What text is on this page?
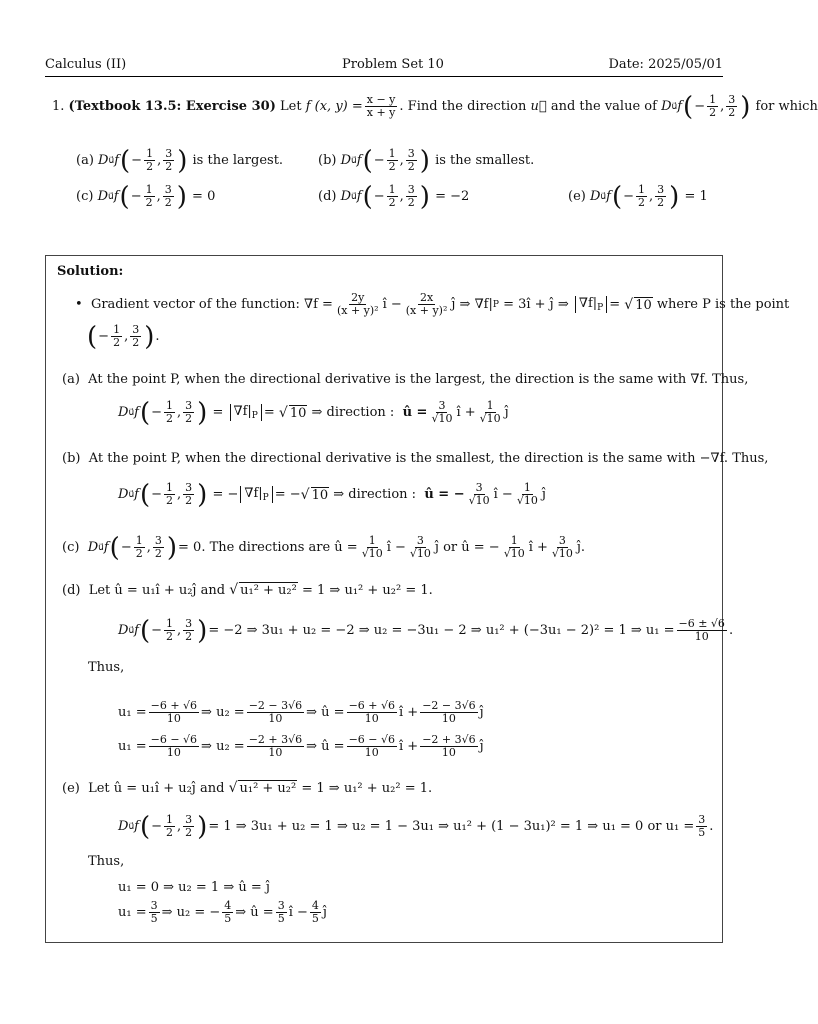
Calculus (II)	Problem Set 10	Date: 2025/05/01
1.
(Textbook 13.5: Exercise 30)
Let
f (x, $y) = \frac{x - y}{x + y}$ . Find the direction
u⃗
and the value of
D u⃗ f ( − $\frac{1}{2}$ , $\frac{3}{2}$ )
for which
(a)
D u⃗ f ( − $\frac{1}{2}$ , $\frac{3}{2}$ )
is the largest.	(b)
D u⃗ f ( − $\frac{1}{2}$ , $\frac{3}{2}$ )
is the smallest.
(c)
D u⃗ f ( − $\frac{1}{2}$ , $\frac{3}{2}$ )
= 0	(d)
D u⃗ f ( − $\frac{1}{2}$ , $\frac{3}{2}$ )
= −2	(e)
D u⃗ f ( − $\frac{1}{2}$ , $\frac{3}{2}$ )
= 1
Solution:
•
Gradient vector of the function: $\nabla f = \frac{2y}{\text{(x + y)²}}$ î − $\frac{2x}{\text{(x + y)²}}$ ĵ ⇒ ∇f| P
= 3î + ĵ ⇒
$\nabla f|_P$ =
√ 10
where P is the point
( − $\frac{1}{2}$ , $\frac{3}{2}$ ) .
(a)
At the point P, when the directional derivative is the largest, the direction is the same with ∇f. Thus,
D u⃗ f ( − $\frac{1}{2}$ , $\frac{3}{2}$ )
=
$\nabla f|_P$ =
√ 10
⇒ direction :
û = $\frac{3}{√10}$ î + $\frac{1}{√10}$ ĵ
(b)
At the point P, when the directional derivative is the smallest, the direction is the same with −∇f. Thus,
D u⃗ f ( − $\frac{1}{2}$ , $\frac{3}{2}$ )
= − $\nabla f|_P$ = − √ 10
⇒ direction :
û = − $\frac{3}{√10}$ î − $\frac{1}{√10}$ ĵ
(c)
D u⃗ f ( − $\frac{1}{2}$ , $\frac{3}{2}$ ) = 0. The directions are û = $\frac{1}{√10}$ î − $\frac{3}{√10}$ ĵ or û = − $\frac{1}{√10}$ î + $\frac{3}{√10}$ ĵ.
(d)
Let û = u₁î + u₂ĵ and
√ u₁² + u₂²
= 1 ⇒ u₁² + u₂² = 1.
D u⃗ f ( − $\frac{1}{2}$ , $\frac{3}{2}$ ) = −2 ⇒ 3u₁ + u₂ = −2 ⇒ u₂ = −3u₁ − 2 ⇒ u₁² + (−3u₁ − 2)² = 1 ⇒ $u_1 = \frac{-6 \pm √6}{10}$ .
Thus,
$u_1 = \frac{-6 + √6}{10}$ ⇒ $u_2 = \frac{-2 - 3√6}{10}$ ⇒ û = $\frac{-6 + √6}{10}$ î + $\frac{-2 - 3√6}{10}$ ĵ
$u_1 = \frac{-6 - √6}{10}$ ⇒ $u_2 = \frac{-2 + 3√6}{10}$ ⇒ û = $\frac{-6 - √6}{10}$ î + $\frac{-2 + 3√6}{10}$ ĵ
(e)
Let û = u₁î + u₂ĵ and
√ u₁² + u₂²
= 1 ⇒ u₁² + u₂² = 1.
D u⃗ f ( − $\frac{1}{2}$ , $\frac{3}{2}$ ) = 1 ⇒ 3u₁ + u₂ = 1 ⇒ u₂ = 1 − 3u₁ ⇒ u₁² + (1 − 3u₁)² = 1 ⇒ u₁ = 0 or $u_1 = \frac{3}{5}$ .
Thus,
u₁ = 0 ⇒ u₂ = 1 ⇒ û = ĵ
$u_1 = \frac{3}{5}$ ⇒ u₂ = − $\frac{4}{5}$ ⇒ û = $\frac{3}{5}$ î − $\frac{4}{5}$ ĵ
